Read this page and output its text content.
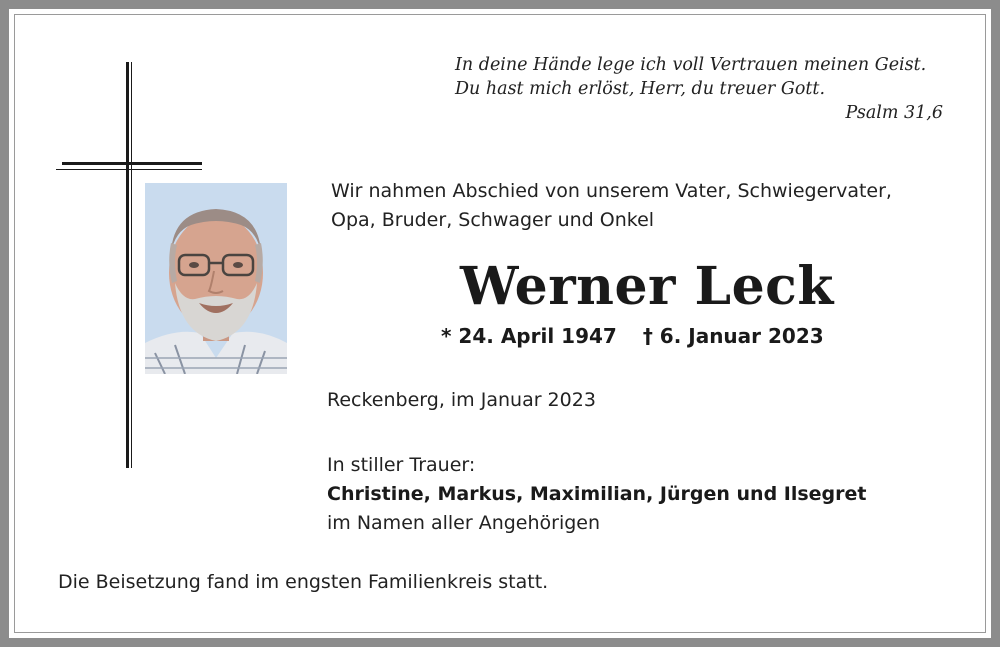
In deine Hände lege ich voll Vertrauen meinen Geist.
Du hast mich erlöst, Herr, du treuer Gott.
Psalm 31,6
Wir nahmen Abschied von unserem Vater, Schwiegervater,
Opa, Bruder, Schwager und Onkel
Werner Leck
* 24. April 1947 † 6. Januar 2023
Reckenberg, im Januar 2023
In stiller Trauer:
Christine, Markus, Maximilian, Jürgen und Ilsegret
im Namen aller Angehörigen
Die Beisetzung fand im engsten Familienkreis statt.
